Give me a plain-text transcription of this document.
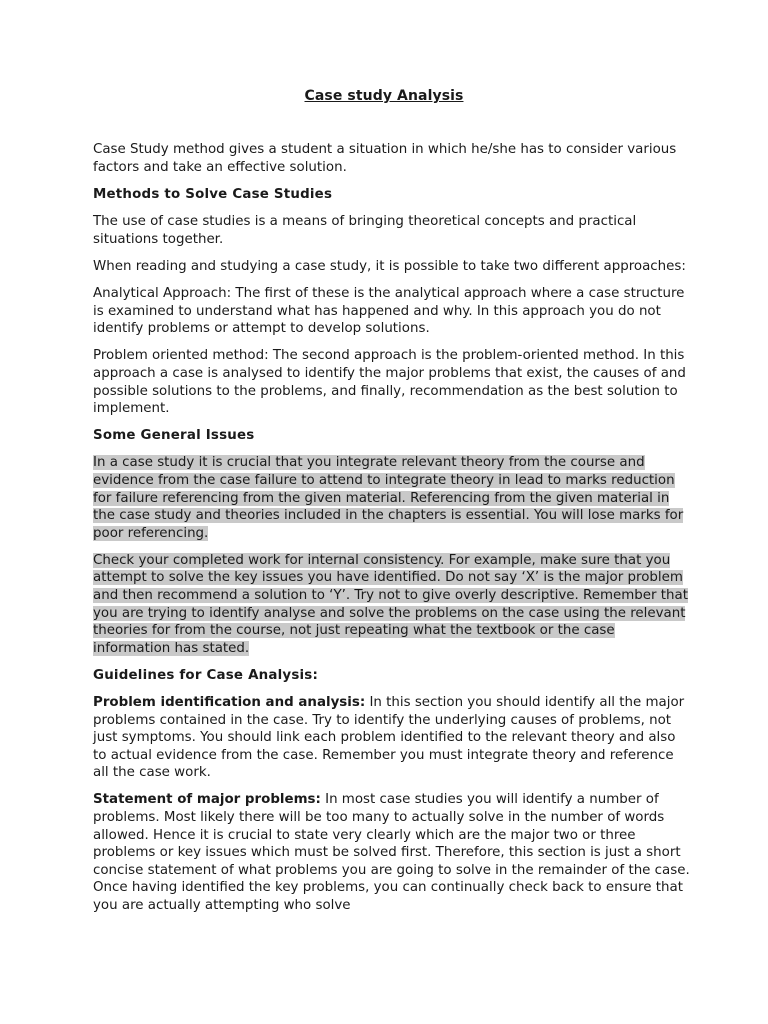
Case study Analysis

Case Study method gives a student a situation in which he/she has to consider various factors and take an effective solution.

Methods to Solve Case Studies

The use of case studies is a means of bringing theoretical concepts and practical situations together.

When reading and studying a case study, it is possible to take two different approaches:

Analytical Approach: The first of these is the analytical approach where a case structure is examined to understand what has happened and why. In this approach you do not identify problems or attempt to develop solutions.

Problem oriented method: The second approach is the problem-oriented method. In this approach a case is analysed to identify the major problems that exist, the causes of and possible solutions to the problems, and finally, recommendation as the best solution to implement.

Some General Issues

In a case study it is crucial that you integrate relevant theory from the course and evidence from the case failure to attend to integrate theory in lead to marks reduction for failure referencing from the given material. Referencing from the given material in the case study and theories included in the chapters is essential. You will lose marks for poor referencing.

Check your completed work for internal consistency. For example, make sure that you attempt to solve the key issues you have identified. Do not say ‘X’ is the major problem and then recommend a solution to ‘Y’. Try not to give overly descriptive. Remember that you are trying to identify analyse and solve the problems on the case using the relevant theories for from the course, not just repeating what the textbook or the case information has stated.

Guidelines for Case Analysis:

Problem identification and analysis: In this section you should identify all the major problems contained in the case. Try to identify the underlying causes of problems, not just symptoms. You should link each problem identified to the relevant theory and also to actual evidence from the case. Remember you must integrate theory and reference all the case work.

Statement of major problems: In most case studies you will identify a number of problems. Most likely there will be too many to actually solve in the number of words allowed. Hence it is crucial to state very clearly which are the major two or three problems or key issues which must be solved first. Therefore, this section is just a short concise statement of what problems you are going to solve in the remainder of the case. Once having identified the key problems, you can continually check back to ensure that you are actually attempting who solve
